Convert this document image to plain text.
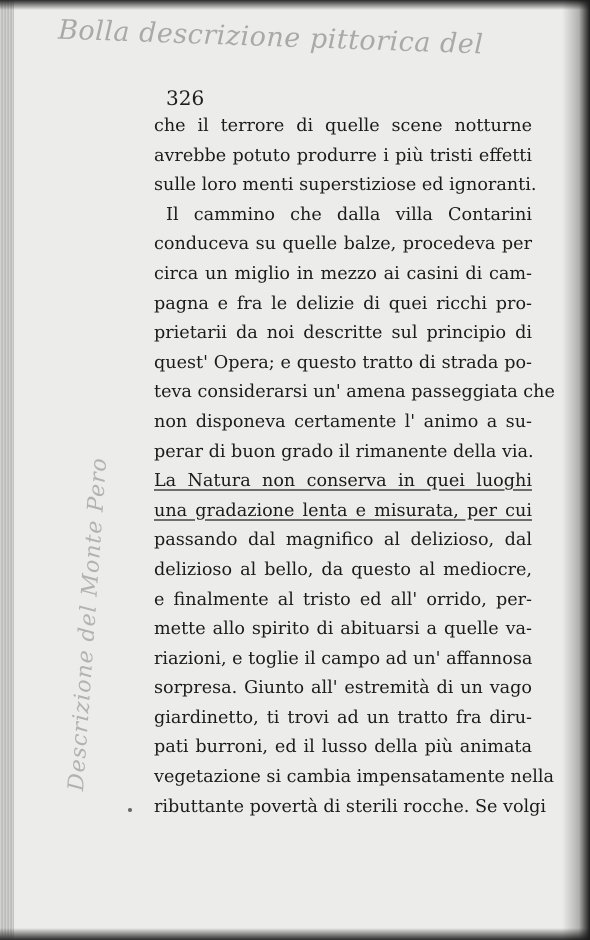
Bolla descrizione pittorica del
Descrizione del Monte Pero
326
che il terrore di quelle scene notturne
avrebbe potuto produrre i più tristi effetti
sulle loro menti superstiziose ed ignoranti.
Il cammino che dalla villa Contarini
conduceva su quelle balze, procedeva per
circa un miglio in mezzo ai casini di cam-
pagna e fra le delizie di quei ricchi pro-
prietarii da noi descritte sul principio di
quest' Opera; e questo tratto di strada po-
teva considerarsi un' amena passeggiata che
non disponeva certamente l' animo a su-
perar di buon grado il rimanente della via.
La Natura non conserva in quei luoghi
una gradazione lenta e misurata, per cui
passando dal magnifico al delizioso, dal
delizioso al bello, da questo al mediocre,
e finalmente al tristo ed all' orrido, per-
mette allo spirito di abituarsi a quelle va-
riazioni, e toglie il campo ad un' affannosa
sorpresa. Giunto all' estremità di un vago
giardinetto, ti trovi ad un tratto fra diru-
pati burroni, ed il lusso della più animata
vegetazione si cambia impensatamente nella
ributtante povertà di sterili rocche. Se volgi
